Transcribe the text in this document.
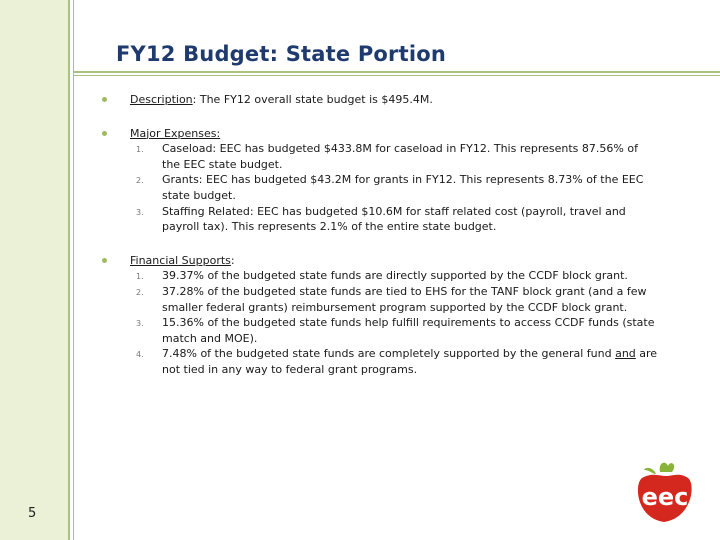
FY12 Budget: State Portion
Description: The FY12 overall state budget is $495.4M.
Major Expenses:
1. Caseload: EEC has budgeted $433.8M for caseload in FY12. This represents 87.56% of the EEC state budget.
2. Grants: EEC has budgeted $43.2M for grants in FY12. This represents 8.73% of the EEC state budget.
3. Staffing Related: EEC has budgeted $10.6M for staff related cost (payroll, travel and payroll tax). This represents 2.1% of the entire state budget.
Financial Supports:
1. 39.37% of the budgeted state funds are directly supported by the CCDF block grant.
2. 37.28% of the budgeted state funds are tied to EHS for the TANF block grant (and a few smaller federal grants) reimbursement program supported by the CCDF block grant.
3. 15.36% of the budgeted state funds help fulfill requirements to access CCDF funds (state match and MOE).
4. 7.48% of the budgeted state funds are completely supported by the general fund and are not tied in any way to federal grant programs.
5
eec
